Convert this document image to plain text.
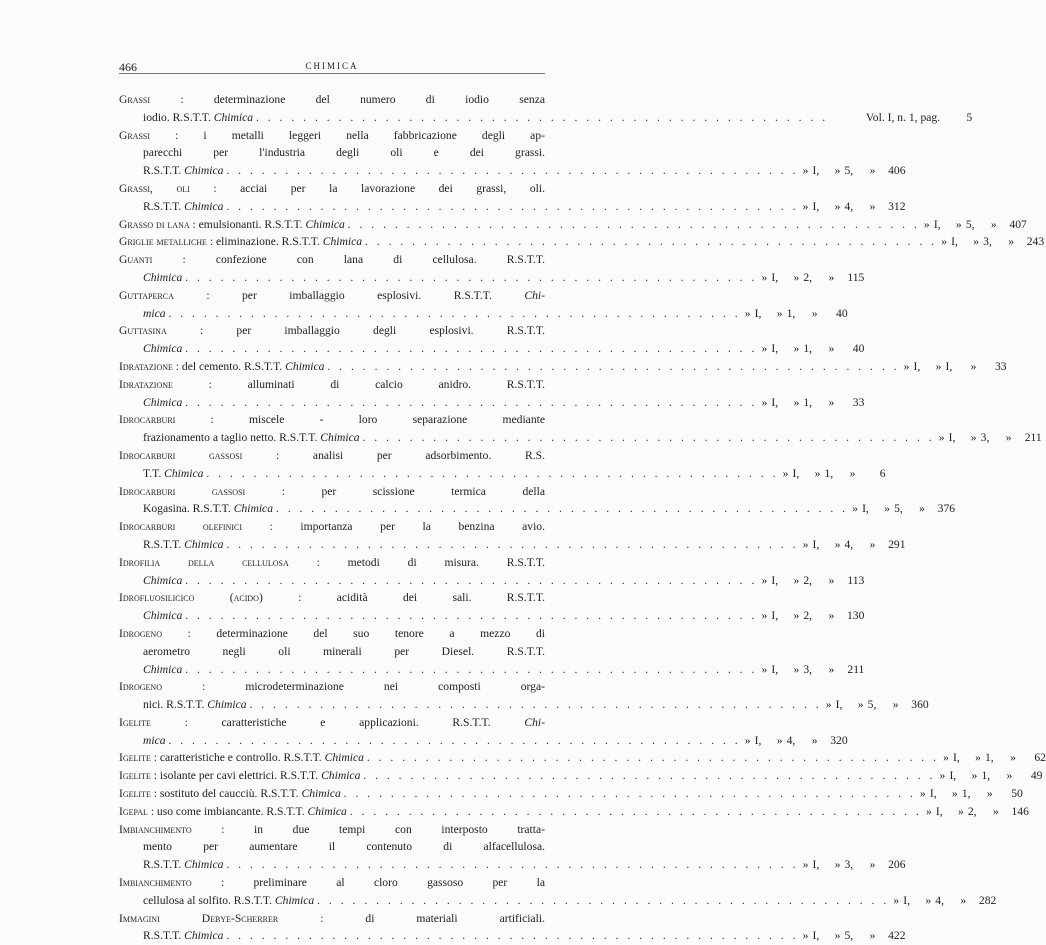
466	CHIMICA
Grassi	: determinazione del numero di iodio senza
iodio. R.S.T.T. Chimica . . . . . . . . . . . . . . . . . . . . . . . . . . . . . . . . . . . . . . . . . . . . . . . . .	Vol. I, n. 1, pag.	5
Grassi : i metalli leggeri nella fabbricazione degli ap-
parecchi per l'industria degli oli e dei grassi.
R.S.T.T. Chimica . . . . . . . . . . . . . . . . . . . . . . . . . . . . . . . . . . . . . . . . . . . . . . . . . » I,	» 5,	»	406
Grassi, oli : acciai per la lavorazione dei grassi, oli.
R.S.T.T. Chimica . . . . . . . . . . . . . . . . . . . . . . . . . . . . . . . . . . . . . . . . . . . . . . . . . » I,	» 4,	»	312
Grasso di lana : emulsionanti. R.S.T.T. Chimica . . . . . . . . . . . . . . . . . . . . . . . . . . . . . . . . . . . . . . . . . . . . . . . . . » I,	» 5,	»	407
Griglie metalliche : eliminazione. R.S.T.T. Chimica . . . . . . . . . . . . . . . . . . . . . . . . . . . . . . . . . . . . . . . . . . . . . . . . . » I,	» 3,	»	243
Guanti	: confezione con lana di cellulosa. R.S.T.T.
Chimica . . . . . . . . . . . . . . . . . . . . . . . . . . . . . . . . . . . . . . . . . . . . . . . . . » I,	» 2,	»	115
Guttaperca	: per imballaggio esplosivi. R.S.T.T.	Chi-
mica . . . . . . . . . . . . . . . . . . . . . . . . . . . . . . . . . . . . . . . . . . . . . . . . . » I,	» 1,	»	40
Guttasina	: per imballaggio degli esplosivi. R.S.T.T.
Chimica . . . . . . . . . . . . . . . . . . . . . . . . . . . . . . . . . . . . . . . . . . . . . . . . . » I,	» 1,	»	40
Idratazione : del cemento. R.S.T.T. Chimica . . . . . . . . . . . . . . . . . . . . . . . . . . . . . . . . . . . . . . . . . . . . . . . . . » I,	» I,	»	33
Idratazione	: alluminati di calcio anidro. R.S.T.T.
Chimica . . . . . . . . . . . . . . . . . . . . . . . . . . . . . . . . . . . . . . . . . . . . . . . . . » I,	» 1,	»	33
Idrocarburi	: miscele - loro separazione mediante
frazionamento a taglio netto. R.S.T.T. Chimica . . . . . . . . . . . . . . . . . . . . . . . . . . . . . . . . . . . . . . . . . . . . . . . . . » I,	» 3,	»	211
Idrocarburi gassosi	: analisi per adsorbimento. R.S.
T.T. Chimica . . . . . . . . . . . . . . . . . . . . . . . . . . . . . . . . . . . . . . . . . . . . . . . . . » I,	» 1,	»	6
Idrocarburi gassosi	: per scissione termica della
Kogasina. R.S.T.T. Chimica . . . . . . . . . . . . . . . . . . . . . . . . . . . . . . . . . . . . . . . . . . . . . . . . . » I,	» 5,	»	376
Idrocarburi olefinici : importanza per la benzina avio.
R.S.T.T. Chimica . . . . . . . . . . . . . . . . . . . . . . . . . . . . . . . . . . . . . . . . . . . . . . . . . » I,	» 4,	»	291
Idrofilia della cellulosa : metodi di misura. R.S.T.T.
Chimica . . . . . . . . . . . . . . . . . . . . . . . . . . . . . . . . . . . . . . . . . . . . . . . . . » I,	» 2,	»	113
Idrofluosilicico (acido)	: acidità dei sali. R.S.T.T.
Chimica . . . . . . . . . . . . . . . . . . . . . . . . . . . . . . . . . . . . . . . . . . . . . . . . . » I,	» 2,	»	130
Idrogeno : determinazione del suo tenore a mezzo di
aerometro negli oli minerali per Diesel. R.S.T.T.
Chimica . . . . . . . . . . . . . . . . . . . . . . . . . . . . . . . . . . . . . . . . . . . . . . . . . » I,	» 3,	»	211
Idrogeno	: microdeterminazione nei composti orga-
nici. R.S.T.T. Chimica . . . . . . . . . . . . . . . . . . . . . . . . . . . . . . . . . . . . . . . . . . . . . . . . . » I,	» 5,	»	360
Igelite	: caratteristiche e applicazioni. R.S.T.T.	Chi-
mica . . . . . . . . . . . . . . . . . . . . . . . . . . . . . . . . . . . . . . . . . . . . . . . . . » I,	» 4,	»	320
Igelite : caratteristiche e controllo. R.S.T.T. Chimica . . . . . . . . . . . . . . . . . . . . . . . . . . . . . . . . . . . . . . . . . . . . . . . . . » I,	» 1,	»	62
Igelite : isolante per cavi elettrici. R.S.T.T. Chimica . . . . . . . . . . . . . . . . . . . . . . . . . . . . . . . . . . . . . . . . . . . . . . . . . » I,	» 1,	»	49
Igelite : sostituto del caucciù. R.S.T.T. Chimica . . . . . . . . . . . . . . . . . . . . . . . . . . . . . . . . . . . . . . . . . . . . . . . . . » I,	» 1,	»	50
Igepal : uso come imbiancante. R.S.T.T. Chimica . . . . . . . . . . . . . . . . . . . . . . . . . . . . . . . . . . . . . . . . . . . . . . . . . » I,	» 2,	»	146
Imbianchimento	: in due tempi con interposto tratta-
mento per aumentare il contenuto di alfacellulosa.
R.S.T.T. Chimica . . . . . . . . . . . . . . . . . . . . . . . . . . . . . . . . . . . . . . . . . . . . . . . . . » I,	» 3,	»	206
Imbianchimento	: preliminare al cloro gassoso per la
cellulosa al solfito. R.S.T.T. Chimica . . . . . . . . . . . . . . . . . . . . . . . . . . . . . . . . . . . . . . . . . . . . . . . . . » I,	» 4,	»	282
Immagini Debye-Scherrer	: di materiali artificiali.
R.S.T.T. Chimica . . . . . . . . . . . . . . . . . . . . . . . . . . . . . . . . . . . . . . . . . . . . . . . . . » I,	» 5,	»	422
